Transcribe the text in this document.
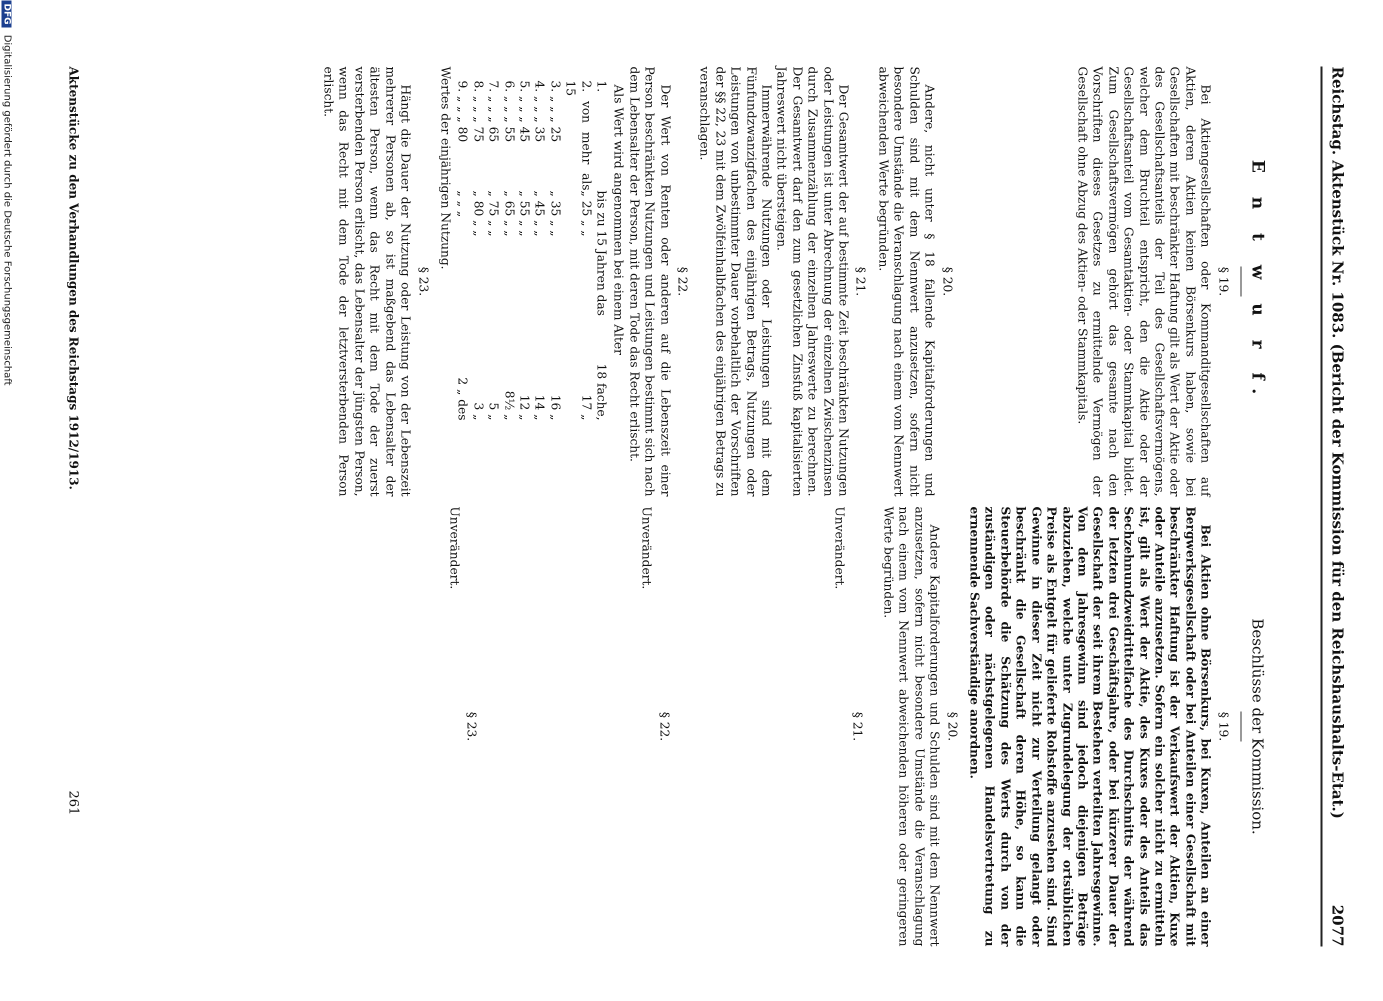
Reichstag. Aktenstück Nr. 1083. (Bericht der Kommission für den Reichshaushalts-Etat.)
2077
E n t w u r f.
§ 19.

Bei Aktiengesellschaften oder Kommanditgesellschaften auf Aktien, deren Aktien keinen Börsenkurs haben, sowie bei Gesellschaften mit beschränkter Haftung gilt als Wert der Aktie oder des Gesellschaftsanteils der Teil des Gesellschaftsvermögens, welcher dem Bruchteil entspricht, den die Aktie oder der Gesellschaftsanteil vom Gesamtaktien- oder Stammkapital bildet. Zum Gesellschaftsvermögen gehört das gesamte nach den Vorschriften dieses Gesetzes zu ermittelnde Vermögen der Gesellschaft ohne Abzug des Aktien- oder Stammkapitals.

§ 20.

Andere, nicht unter § 18 fallende Kapitalforderungen und Schulden sind mit dem Nennwert anzusetzen, sofern nicht besondere Umstände die Veranschlagung nach einem vom Nennwert abweichenden Werte begründen.

§ 21.

Der Gesamtwert der auf bestimmte Zeit beschränkten Nutzungen oder Leistungen ist unter Abrechnung der einzelnen Zwischenzinsen durch Zusammenzählung der einzelnen Jahreswerte zu berechnen. Der Gesamtwert darf den zum gesetzlichen Zinsfuß kapitalisierten Jahreswert nicht übersteigen.

Immerwährende Nutzungen oder Leistungen sind mit dem Fünfundzwanzigfachen des einjährigen Betrags, Nutzungen oder Leistungen von unbestimmter Dauer vorbehaltlich der Vorschriften der §§ 22, 23 mit dem Zwölfeinhalbfachen des einjährigen Betrags zu veranschlagen.

§ 22.

Der Wert von Renten oder anderen auf die Lebenszeit einer Person beschränkten Nutzungen und Leistungen bestimmt sich nach dem Lebensalter der Person, mit deren Tode das Recht erlischt.

Als Wert wird angenommen bei einem Alter

1.
bis zu 15 Jahren das
18 fache,
2. von mehr als 15
„ 25 „ „
17 „
3. „ „ „ 25
„ 35 „ „
16 „
4. „ „ „ 35
„ 45 „ „
14 „
5. „ „ „ 45
„ 55 „ „
12 „
6. „ „ „ 55
„ 65 „ „
8½ „
7. „ „ „ 65
„ 75 „ „
5 „
8. „ „ „ 75
„ 80 „ „
3 „
9. „ „ „ 80
„ „ „
2 „ des
Wertes der einjährigen Nutzung.
§ 23.

Hängt die Dauer der Nutzung oder Leistung von der Lebenszeit mehrerer Personen ab, so ist maßgebend das Lebensalter der ältesten Person, wenn das Recht mit dem Tode der zuerst versterbenden Person erlischt, das Lebensalter der jüngsten Person, wenn das Recht mit dem Tode der letztversterbenden Person erlischt.

Beschlüsse der Kommission.
§ 19.

Bei Aktien ohne Börsenkurs, bei Kuxen, Anteilen an einer Bergwerksgesellschaft oder bei Anteilen einer Gesellschaft mit beschränkter Haftung ist der Verkaufswert der Aktien, Kuxe oder Anteile anzusetzen. Sofern ein solcher nicht zu ermitteln ist, gilt als Wert der Aktie, des Kuxes oder des Anteils das Sechzehnundzweidrittelfache des Durchschnitts der während der letzten drei Geschäftsjahre, oder bei kürzerer Dauer der Gesellschaft der seit ihrem Bestehen verteilten Jahresgewinne. Von dem Jahresgewinn sind jedoch diejenigen Beträge abzuziehen, welche unter Zugrundelegung der ortsüblichen Preise als Entgelt für gelieferte Rohstoffe anzusehen sind. Sind Gewinne in dieser Zeit nicht zur Verteilung gelangt oder beschränkt die Gesellschaft deren Höhe, so kann die Steuerbehörde die Schätzung des Werts durch von der zuständigen oder nächstgelegenen Handelsvertretung zu ernennende Sachverständige anordnen.

§ 20.

Andere Kapitalforderungen und Schulden sind mit dem Nennwert anzusetzen, sofern nicht besondere Umstände die Veranschlagung nach einem vom Nennwert abweichenden höheren oder geringeren Werte begründen.

§ 21.
Unverändert.
§ 22.
Unverändert.
§ 23.
Unverändert.
Aktenstücke zu den Verhandlungen des Reichstags 1912/1913.
261
DFG Digitalisierung gefördert durch die Deutsche Forschungsgemeinschaft
